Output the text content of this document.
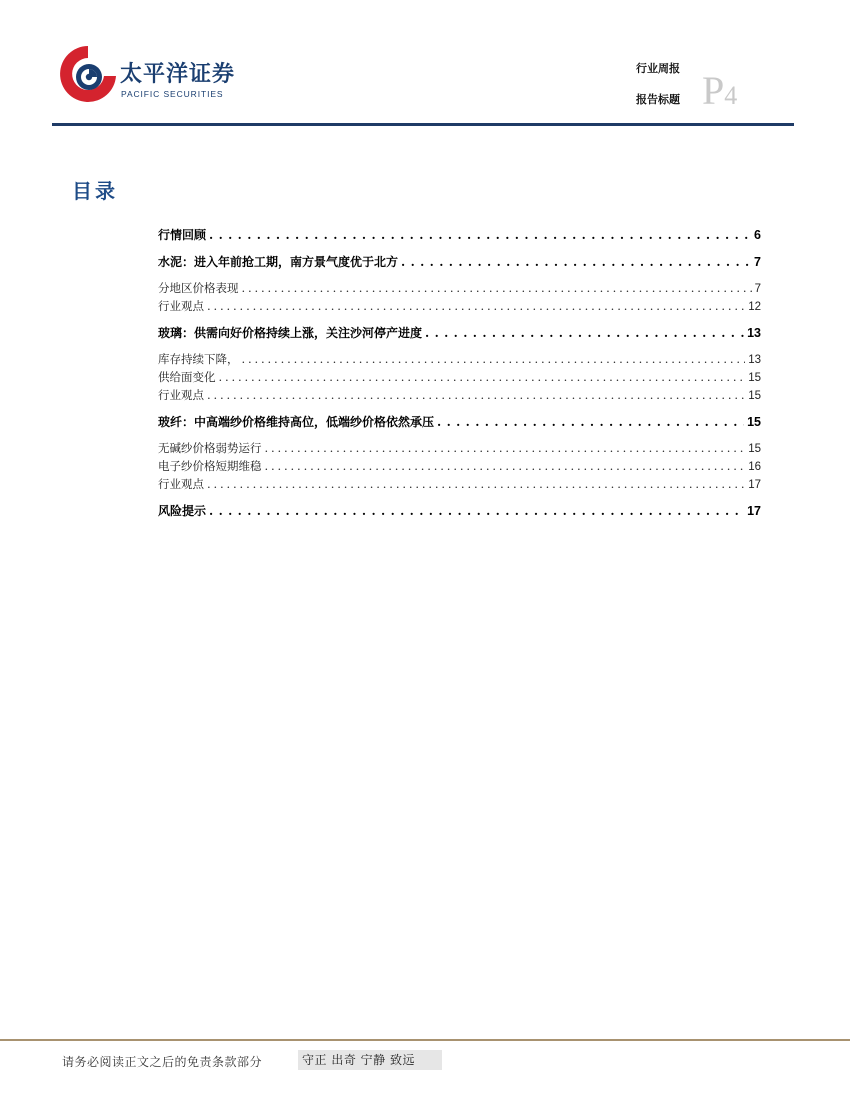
太平洋证券
PACIFIC SECURITIES
行业周报
报告标题 P4
目录
行情回顾 . . .	6
水泥：进入年前抢工期，南方景气度优于北方 . . .	7
分地区价格表现 . . .	7
行业观点 . . .	12
玻璃：供需向好价格持续上涨，关注沙河停产进度 . . .	13
库存持续下降， . . .	13
供给面变化 . . .	15
行业观点 . . .	15
玻纤：中高端纱价格维持高位，低端纱价格依然承压 . . .	15
无碱纱价格弱势运行 . . .	15
电子纱价格短期维稳 . . .	16
行业观点 . . .	17
风险提示 . . .	17
请务必阅读正文之后的免责条款部分	守正 出奇 宁静 致远
